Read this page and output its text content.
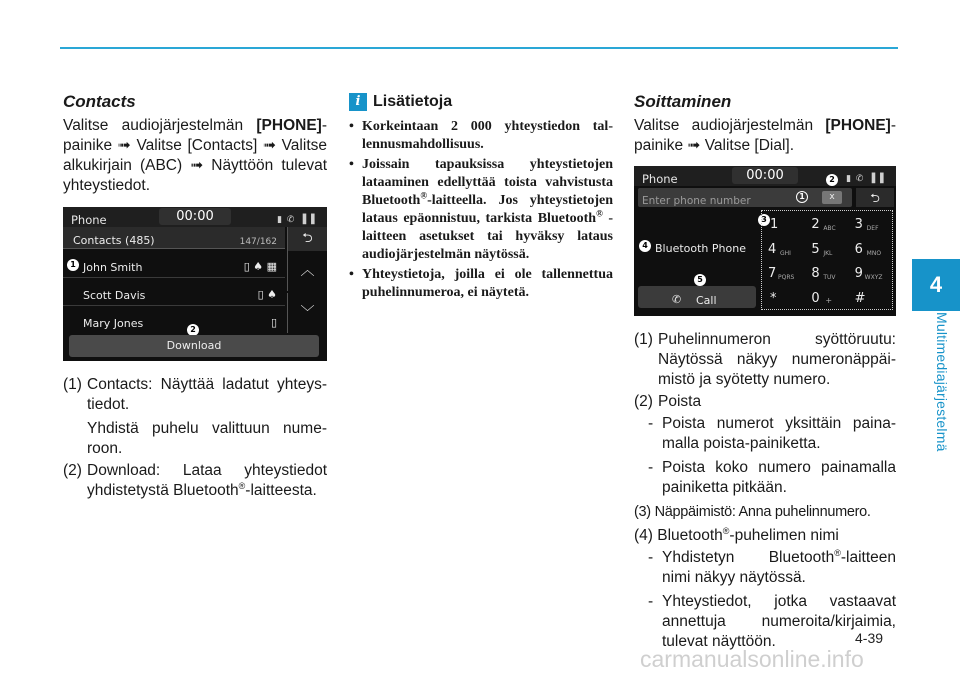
4
Multimediajärjestelmä
Contacts
Valitse audiojärjestelmän [PHONE]-painike ➟ Valitse [Contacts] ➟ Valitse alkukirjain (ABC) ➟ Näyttöön tulevat yhteystiedot.
Phone	00:00	▮ ✆ ▐ ▌
Contacts (485)	147/162
1 John Smith	▯ ♠ ▦
Scott Davis	▯ ♠
Mary Jones	▯
⮌
︿
﹀
2
Download
(1) Contacts: Näyttää ladatut yhteystiedot.
Yhdistä puhelu valittuun numeroon.
(2) Download: Lataa yhteystiedot yhdistetystä Bluetooth®-laitteesta.
i Lisätietoja
• Korkeintaan 2 000 yhteystiedon tallennusmahdollisuus.
• Joissain tapauksissa yhteystietojen lataaminen edellyttää toista vahvistusta Bluetooth®-laitteella. Jos yhteystietojen lataus epäonnistuu, tarkista Bluetooth® -laitteen asetukset tai hyväksy lataus audiojärjestelmän näytössä.
• Yhteystietoja, joilla ei ole tallennettua puhelinnumeroa, ei näytetä.
Soittaminen
Valitse audiojärjestelmän [PHONE]-painike ➟ Valitse [Dial].
Phone	00:00	▮ ✆ ▐ ▌
Enter phone number	1	x
2
⮌
4 Bluetooth Phone
5
✆ Call
3 1	2 ABC 3 DEF
4 GHI 5 JKL 6 MNO
7 PQRS 8 TUV 9 WXYZ
*	0 + #
(1) Puhelinnumeron syöttöruutu: Näytössä näkyy numeronäppäimistö ja syötetty numero.
(2) Poista
- Poista numerot yksittäin painamalla poista-painiketta.
- Poista koko numero painamalla painiketta pitkään.
(3) Näppäimistö: Anna puhelinnumero.
(4) Bluetooth®-puhelimen nimi
- Yhdistetyn Bluetooth®-laitteen nimi näkyy näytössä.
- Yhteystiedot, jotka vastaavat annettuja numeroita/kirjaimia, tulevat näyttöön.	4-39
carmanualsonline.info
